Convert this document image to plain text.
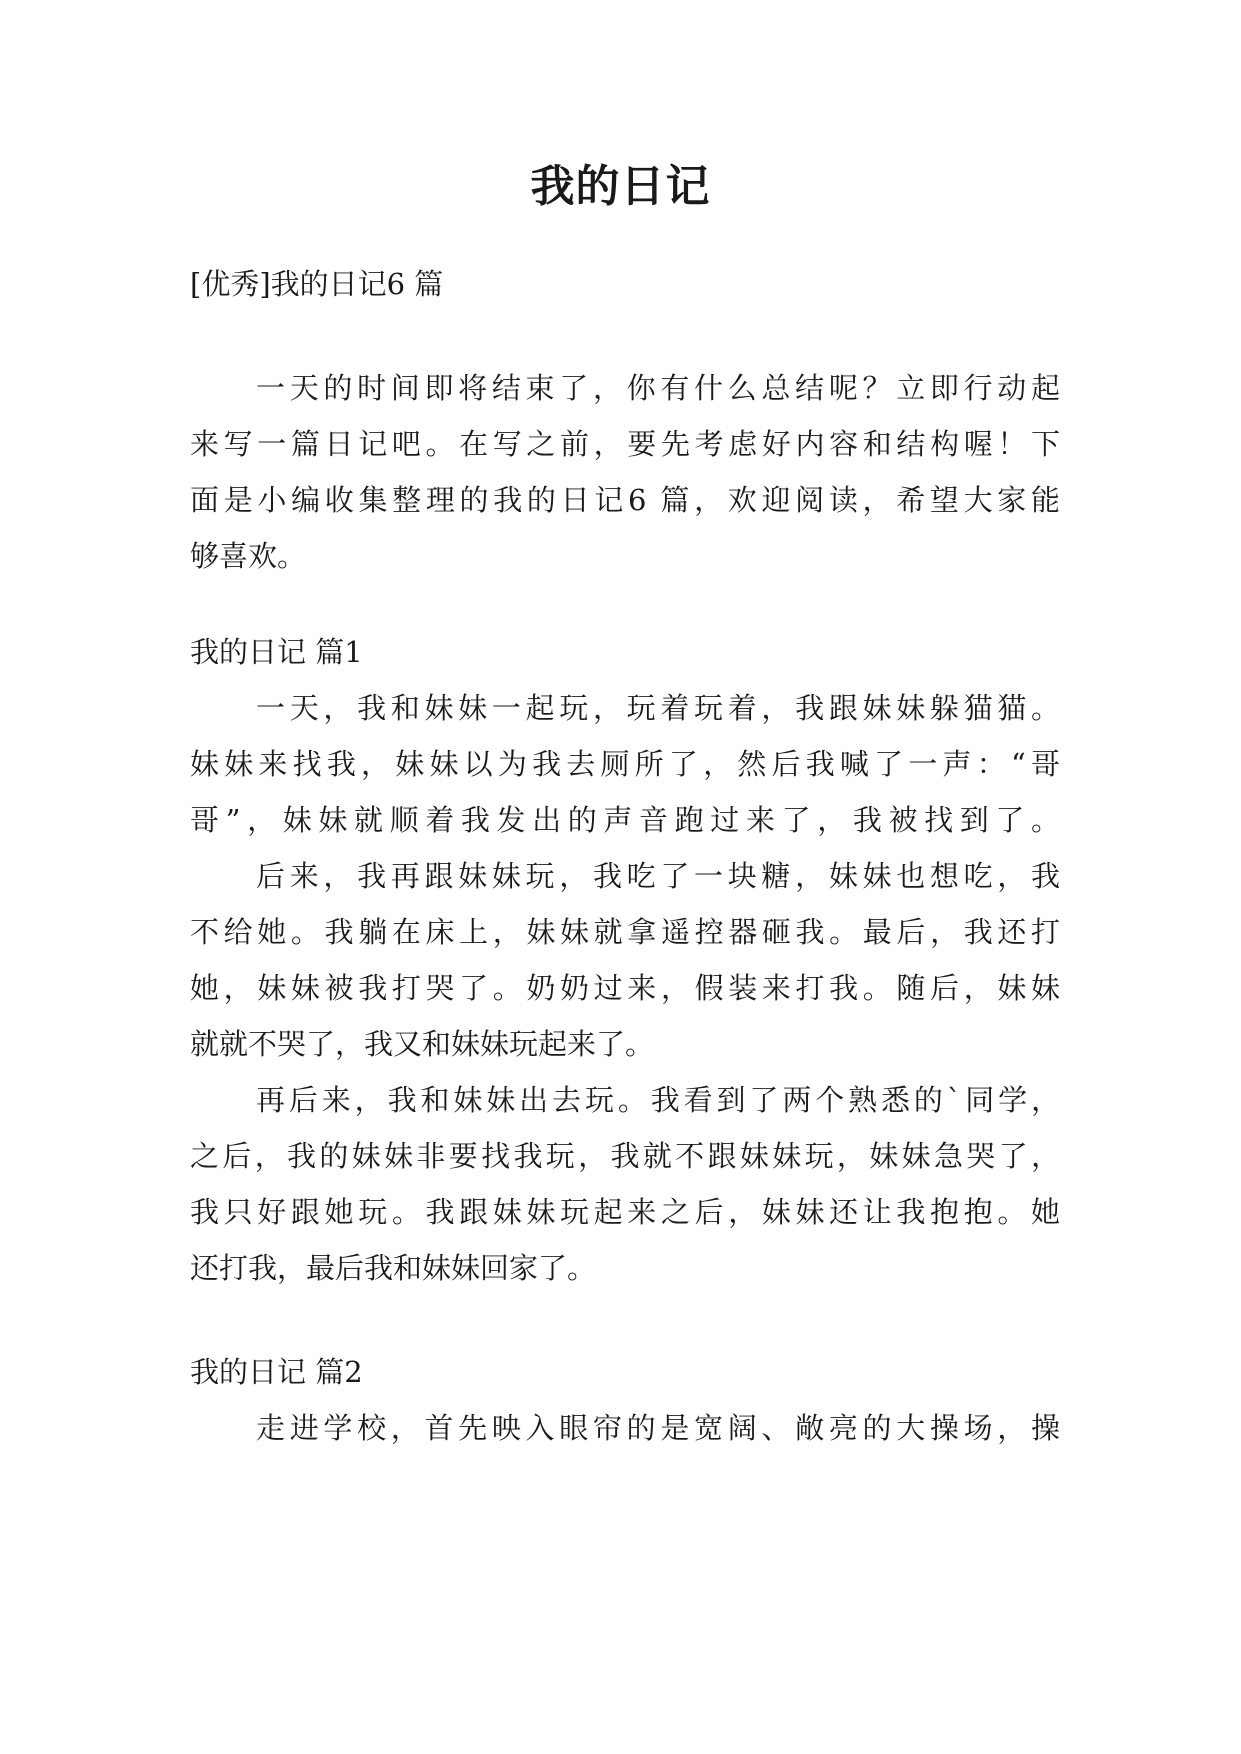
我的日记
[优秀]我的日记6 篇
一天的时间即将结束了，你有什么总结呢？立即行动起
来写一篇日记吧。在写之前，要先考虑好内容和结构喔！下
面是小编收集整理的我的日记6 篇，欢迎阅读，希望大家能
够喜欢。
我的日记 篇1
一天，我和妹妹一起玩，玩着玩着，我跟妹妹躲猫猫。
妹妹来找我，妹妹以为我去厕所了，然后我喊了一声：“哥
哥”，妹妹就顺着我发出的声音跑过来了，我被找到了。
后来，我再跟妹妹玩，我吃了一块糖，妹妹也想吃，我
不给她。我躺在床上，妹妹就拿遥控器砸我。最后，我还打
她，妹妹被我打哭了。奶奶过来，假装来打我。随后，妹妹
就就不哭了，我又和妹妹玩起来了。
再后来，我和妹妹出去玩。我看到了两个熟悉的`同学，
之后，我的妹妹非要找我玩，我就不跟妹妹玩，妹妹急哭了，
我只好跟她玩。我跟妹妹玩起来之后，妹妹还让我抱抱。她
还打我，最后我和妹妹回家了。
我的日记 篇2
走进学校，首先映入眼帘的是宽阔、敞亮的大操场，操
